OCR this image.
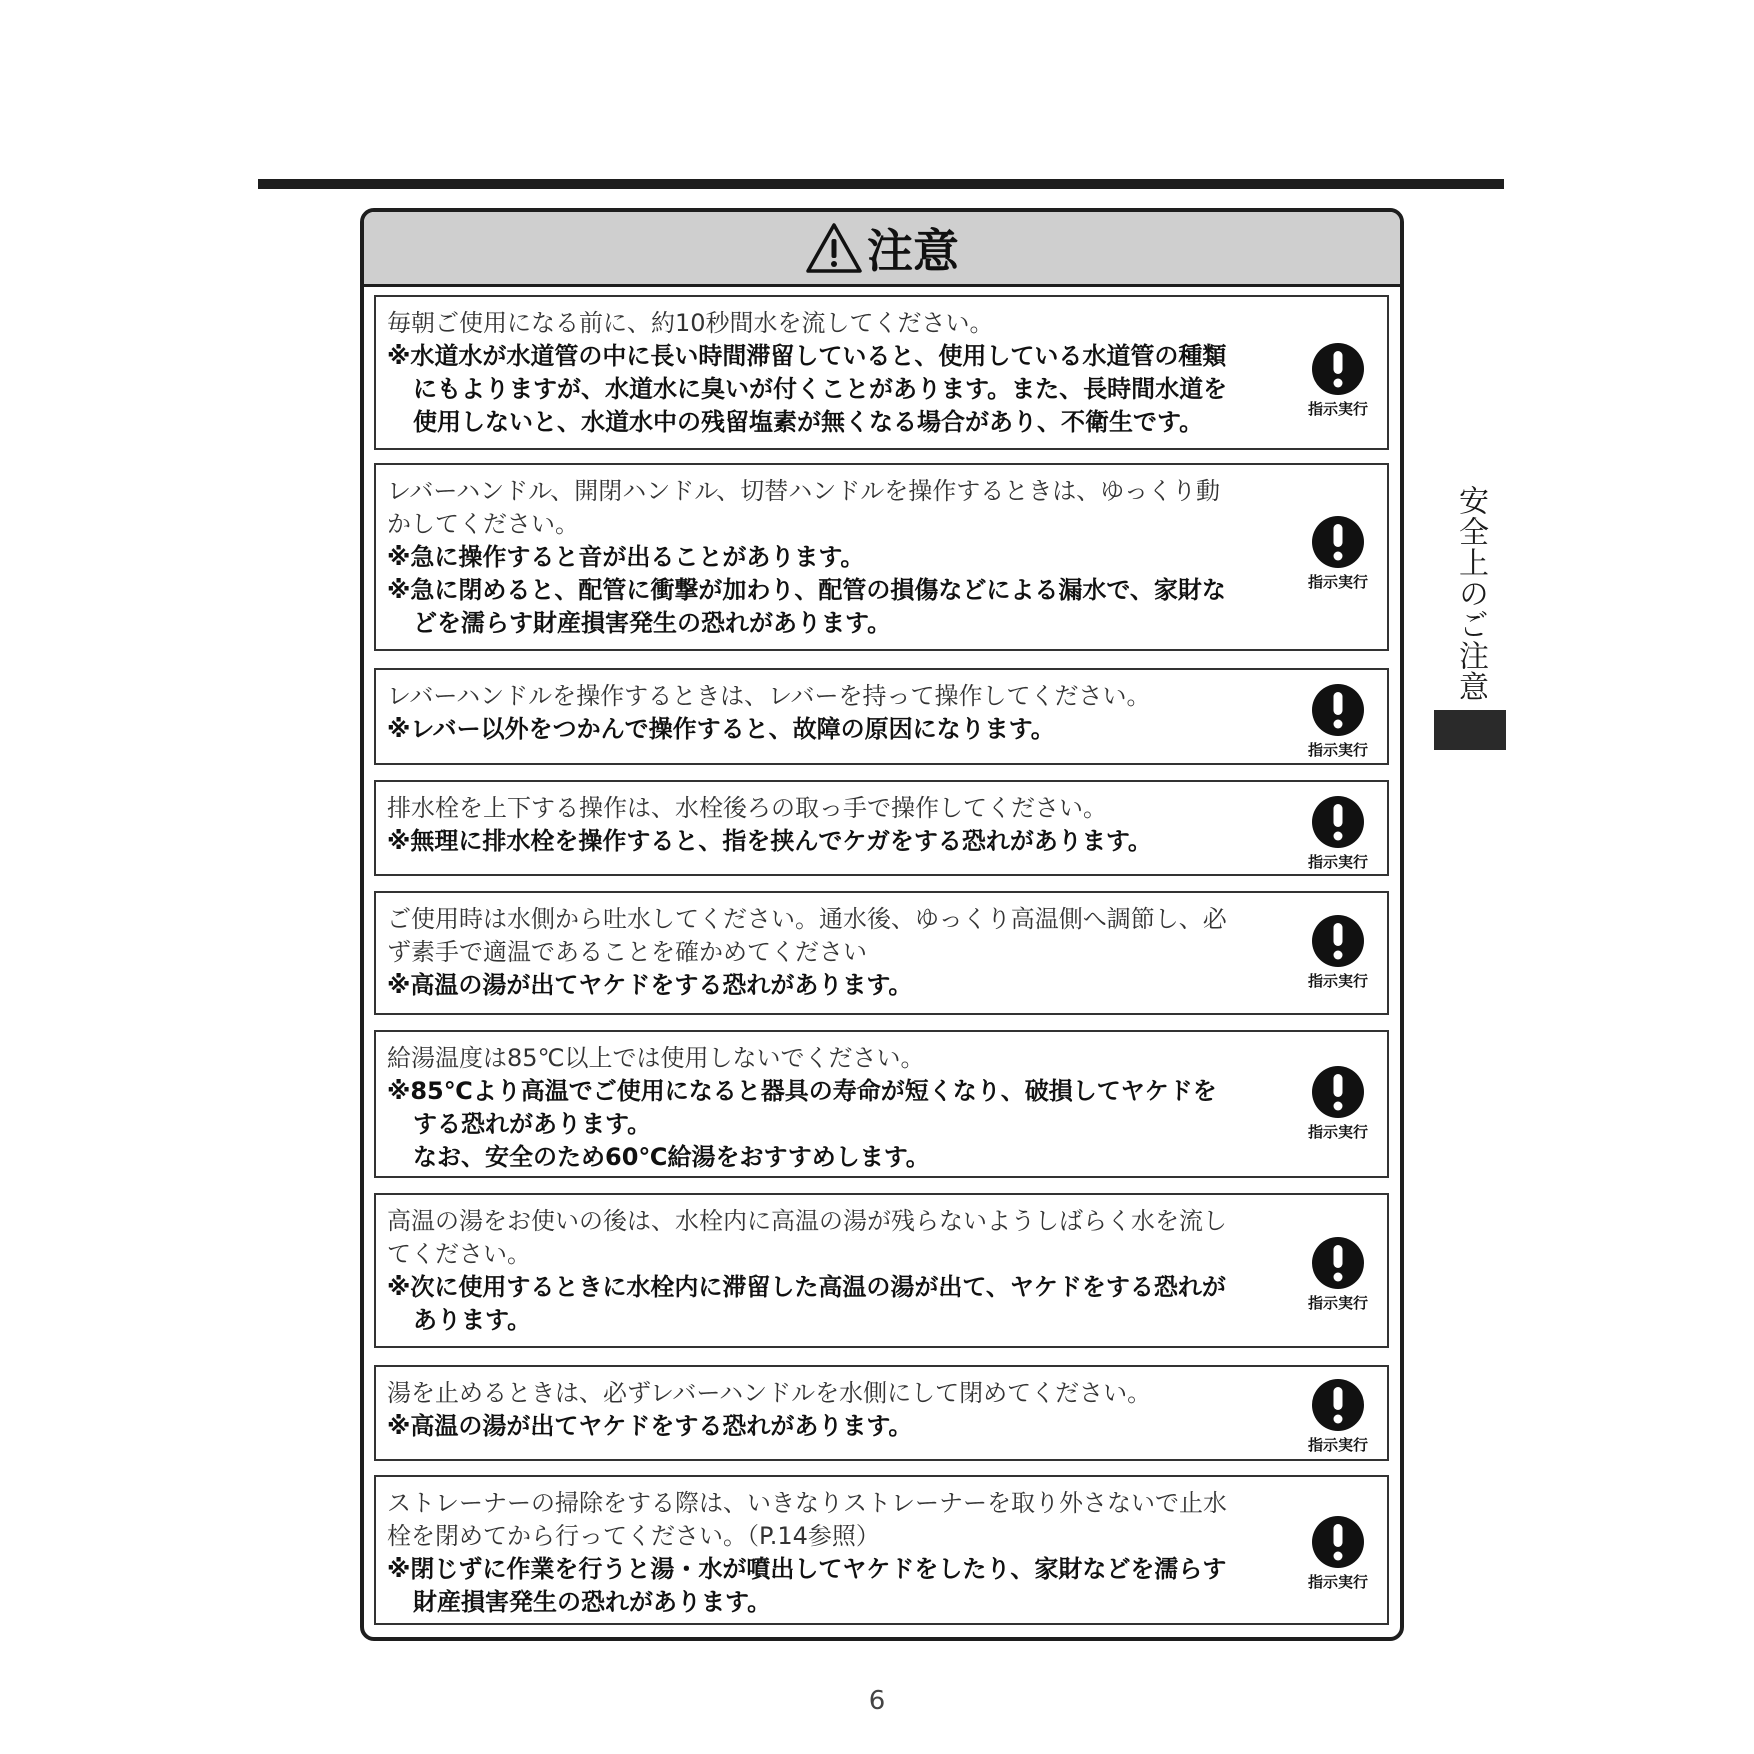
安全上のご注意
注意
毎朝ご使用になる前に、約10秒間水を流してください。
※水道水が水道管の中に長い時間滞留していると、使用している水道管の種類
にもよりますが、水道水に臭いが付くことがあります。また、長時間水道を
使用しないと、水道水中の残留塩素が無くなる場合があり、不衛生です。	指示実行
レバーハンドル、開閉ハンドル、切替ハンドルを操作するときは、ゆっくり動
かしてください。
※急に操作すると音が出ることがあります。
※急に閉めると、配管に衝撃が加わり、配管の損傷などによる漏水で、家財な
どを濡らす財産損害発生の恐れがあります。
指示実行
レバーハンドルを操作するときは、レバーを持って操作してください。
※レバー以外をつかんで操作すると、故障の原因になります。
指示実行
排水栓を上下する操作は、水栓後ろの取っ手で操作してください。
※無理に排水栓を操作すると、指を挟んでケガをする恐れがあります。
指示実行
ご使用時は水側から吐水してください。通水後、ゆっくり高温側へ調節し、必
ず素手で適温であることを確かめてください
※高温の湯が出てヤケドをする恐れがあります。	指示実行
給湯温度は85℃以上では使用しないでください。
※85℃より高温でご使用になると器具の寿命が短くなり、破損してヤケドを
する恐れがあります。
なお、安全のため60℃給湯をおすすめします。
指示実行
高温の湯をお使いの後は、水栓内に高温の湯が残らないようしばらく水を流し
てください。
※次に使用するときに水栓内に滞留した高温の湯が出て、ヤケドをする恐れが
あります。
指示実行
湯を止めるときは、必ずレバーハンドルを水側にして閉めてください。
※高温の湯が出てヤケドをする恐れがあります。
指示実行
ストレーナーの掃除をする際は、いきなりストレーナーを取り外さないで止水
栓を閉めてから行ってください。（P.14参照）
※閉じずに作業を行うと湯・水が噴出してヤケドをしたり、家財などを濡らす
財産損害発生の恐れがあります。
指示実行
6
